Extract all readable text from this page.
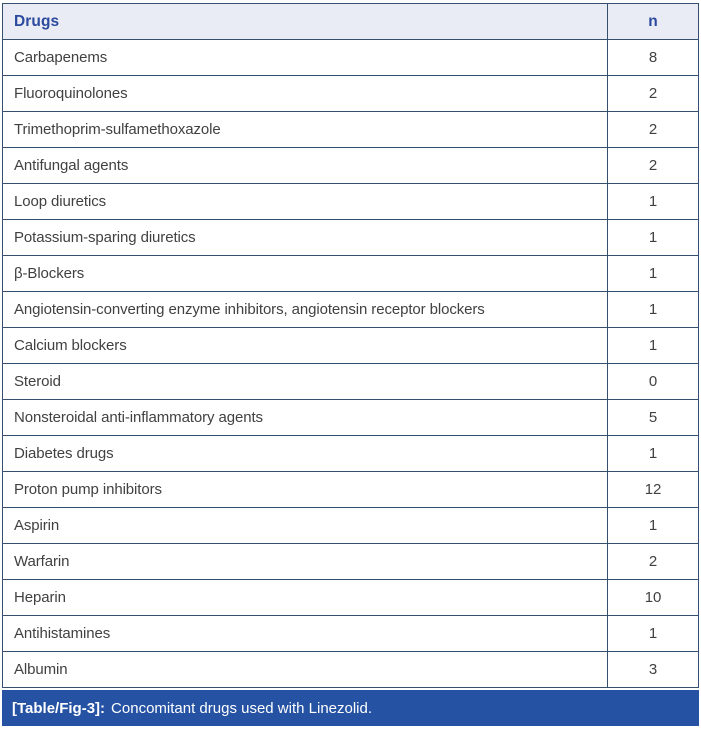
Drugs	n
Carbapenems	8
Fluoroquinolones	2
Trimethoprim-sulfamethoxazole	2
Antifungal agents	2
Loop diuretics	1
Potassium-sparing diuretics	1
β-Blockers	1
Angiotensin-converting enzyme inhibitors, angiotensin receptor blockers	1
Calcium blockers	1
Steroid	0
Nonsteroidal anti-inflammatory agents	5
Diabetes drugs	1
Proton pump inhibitors	12
Aspirin	1
Warfarin	2
Heparin	10
Antihistamines	1
Albumin	3
[Table/Fig-3]: Concomitant drugs used with Linezolid.
